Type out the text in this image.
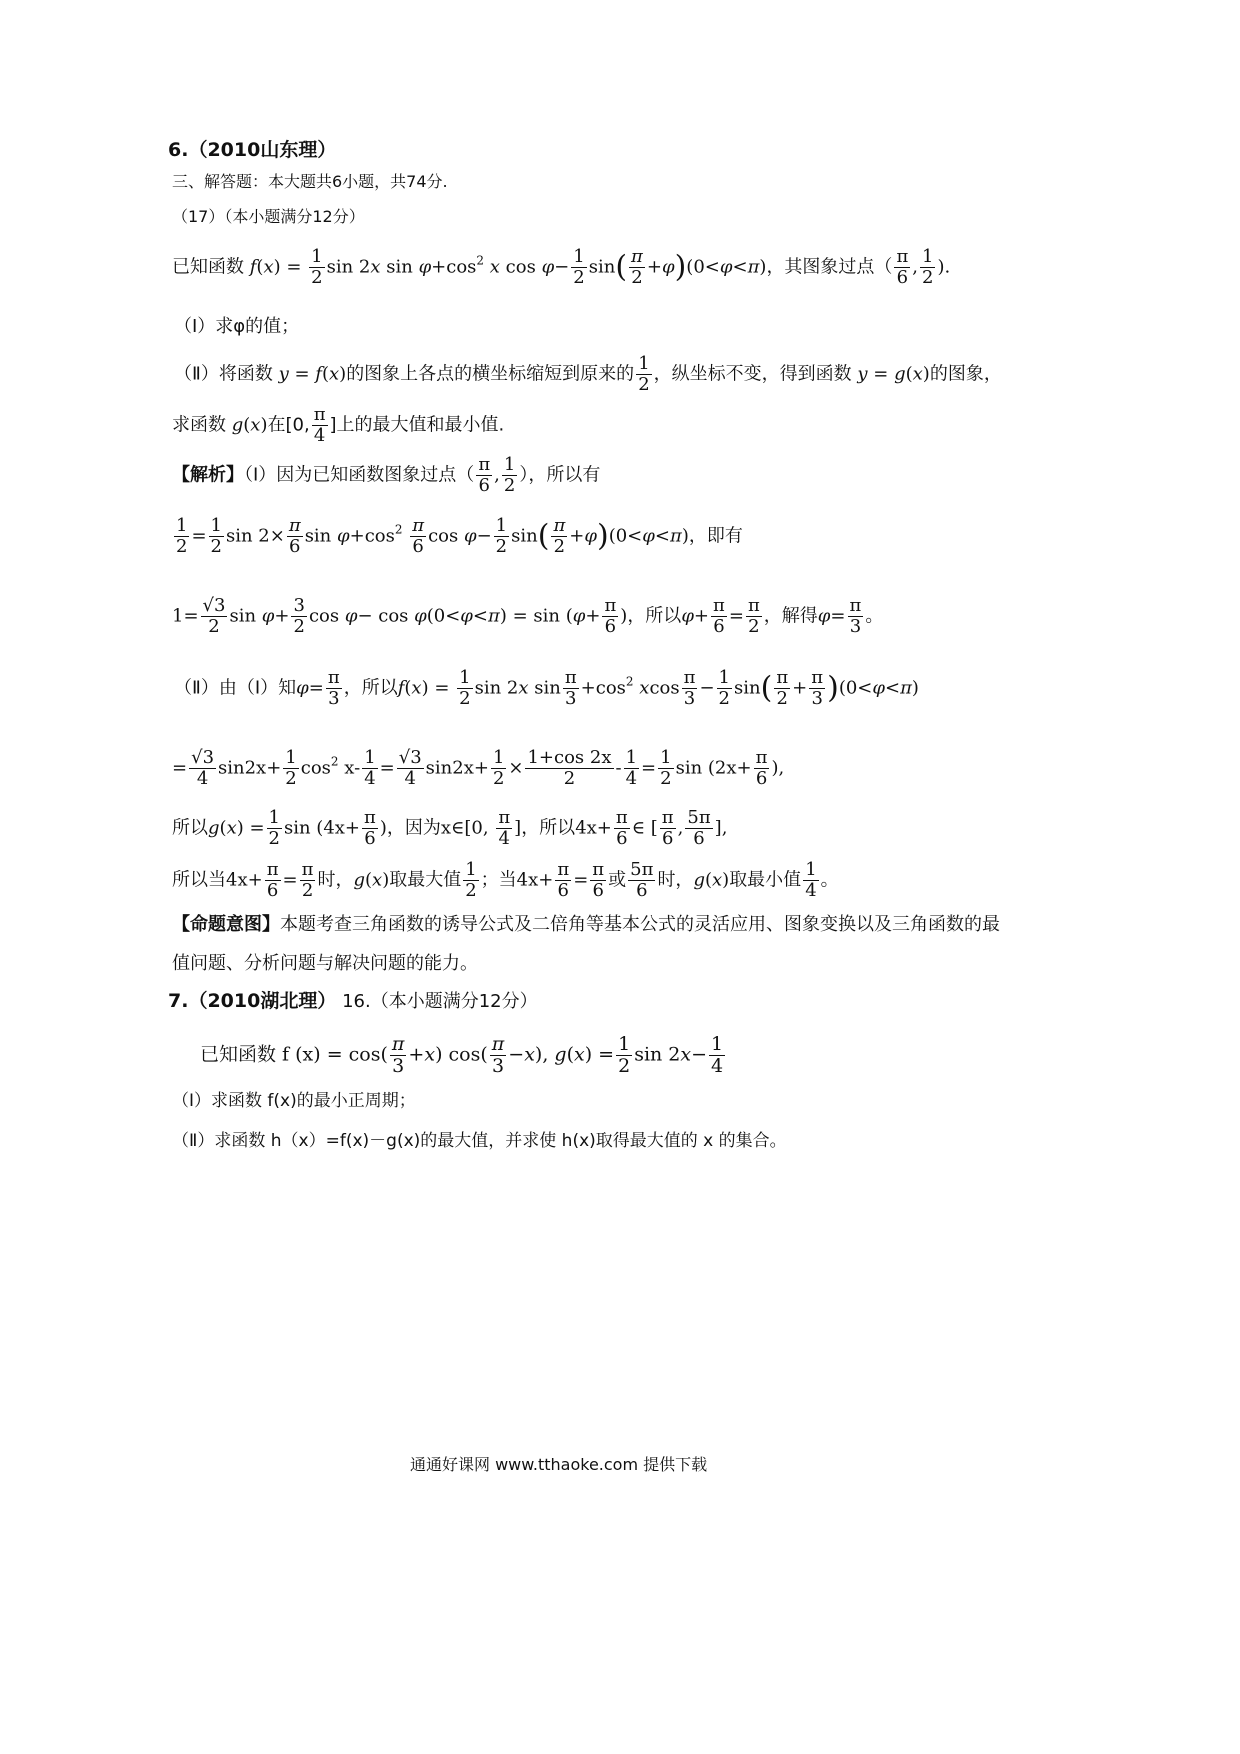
6.（2010山东理）
三、解答题：本大题共6小题，共74分.
（17）（本小题满分12分）
已知函数 $f(x) = \frac{1}{2}$ sin 2x $\sin \varphi+\cos^2$ x $\cos \varphi- \frac{1}{2} \sin( \frac{\pi}{2} +\varphi)(0<\varphi<\pi)$，其图象过点（ $\frac{\pi}{6}$ , $\frac{1}{2}$ ).
（Ⅰ）求φ的值；
（Ⅱ）将函数 y = f(x)的图象上各点的横坐标缩短到原来的 $\frac{1}{2}$ ，纵坐标不变，得到函数 y = g(x)的图象，
求函数 g(x)在[0, $\frac{\pi}{4}$ ]上的最大值和最小值.
【解析】（Ⅰ）因为已知函数图象过点（ $\frac{\pi}{6}$ , $\frac{1}{2}$ ），所以有
$\frac{1}{2} = \frac{1}{2}$ $\sin 2\times \frac{\pi}{6}$ $\sin \varphi+\cos^2 \frac{\pi}{6}$ $\cos \varphi- \frac{1}{2} \sin( \frac{\pi}{2} +\varphi)(0<\varphi<\pi)$，即有
$1= \frac{√3}{2}$ $\sin \varphi+ \frac{3}{2}$ $\cos \varphi- \cos \varphi(0<\varphi<\pi) = \sin (\varphi+ \frac{\pi}{6}$ )，所以$\varphi+ \frac{\pi}{6} = \frac{\pi}{2}$ ，解得$\varphi= \frac{\pi}{3}$ 。
（Ⅱ）由（Ⅰ）知$\varphi= \frac{\pi}{3}$ ，所以$f(x) = \frac{1}{2}$ sin 2x $\sin \frac{\pi}{3} +\cos^2$ xcos $\frac{\pi}{3} - \frac{1}{2} \sin( \frac{\pi}{2} + \frac{\pi}{3} )(0<\varphi<\pi)$
= $\frac{√3}{4} \sin 2x+ \frac{1}{2} \cos^2 x- \frac{1}{4} = \frac{√3}{4} \sin 2x+ \frac{1}{2} \times \frac{1+\cos 2x}{2} - \frac{1}{4} = \frac{1}{2}$ $\sin (2x+ \frac{\pi}{6}$ ),
所以$g(x) = \frac{1}{2}$ $\sin (4x+ \frac{\pi}{6}$ )，因为x∈[0, $\frac{\pi}{4}$ ]，所以$4x+ \frac{\pi}{6}$ ∈ [ $\frac{\pi}{6}$ , $\frac{5\pi}{6}$ ],
所以当$4x+ \frac{\pi}{6} = \frac{\pi}{2}$ 时，g(x)取最大值 $\frac{1}{2}$ ；当$4x+ \frac{\pi}{6} = \frac{\pi}{6}$ 或 $\frac{5\pi}{6}$ 时，g(x)取最小值 $\frac{1}{4}$ 。
【命题意图】本题考查三角函数的诱导公式及二倍角等基本公式的灵活应用、图象变换以及三角函数的最
值问题、分析问题与解决问题的能力。
7.（2010湖北理） 16.（本小题满分12分）
已知函数 f $(x) = \cos( \frac{\pi}{3} +x)$ $\cos( \frac{\pi}{3} -x)$, $g(x) = \frac{1}{2}$ $\sin 2x- \frac{1}{4}$
（Ⅰ）求函数 f(x)的最小正周期；
（Ⅱ）求函数 h（x）=f(x)－g(x)的最大值，并求使 h(x)取得最大值的 x 的集合。
通通好课网 www.tthaoke.com 提供下载
